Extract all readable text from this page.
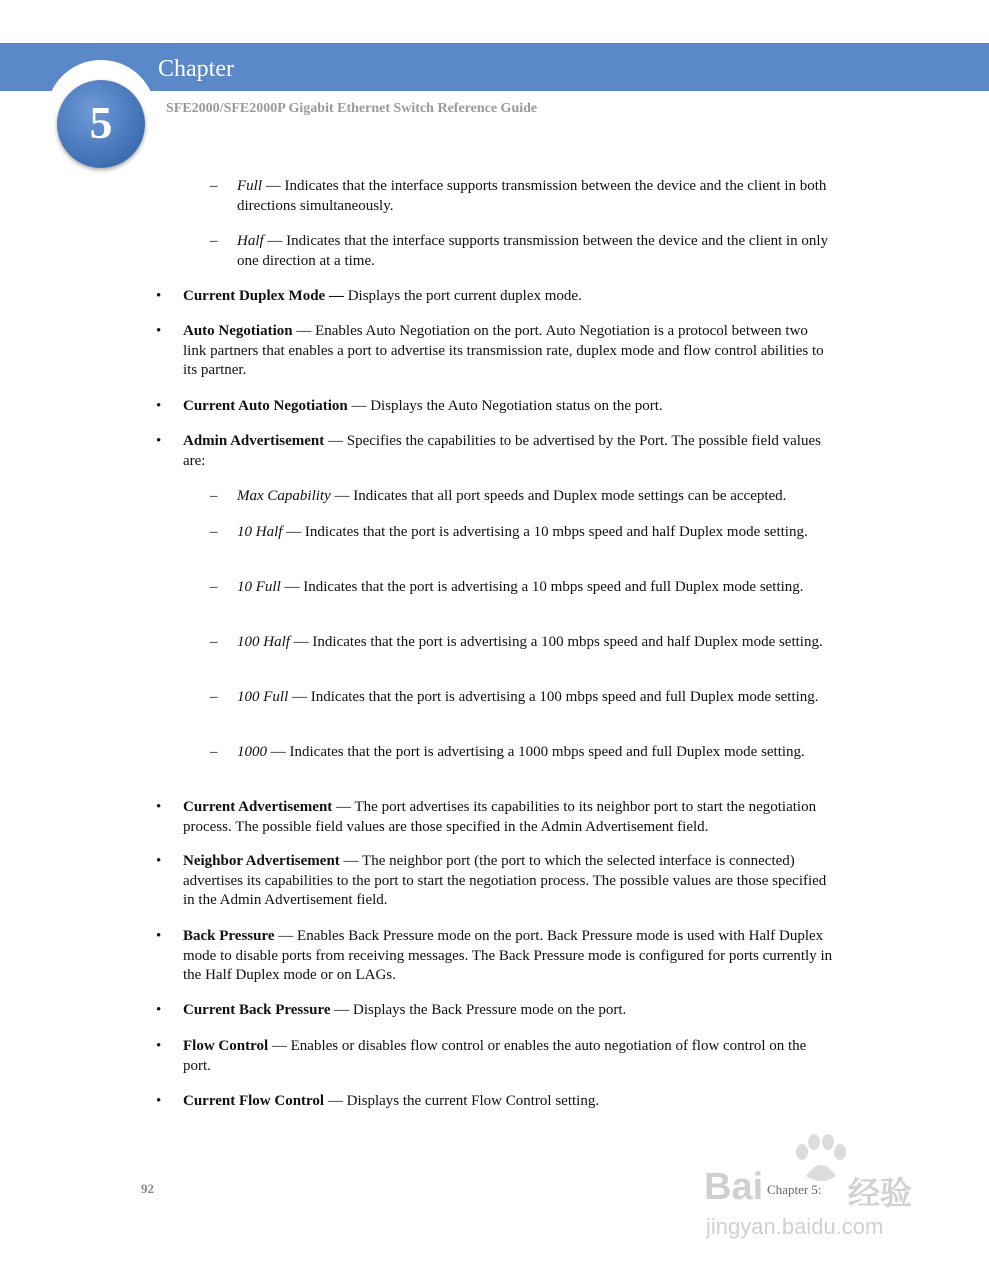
5
Chapter
SFE2000/SFE2000P Gigabit Ethernet Switch Reference Guide
– Full — Indicates that the interface supports transmission between the device and the client in both directions simultaneously.
– Half — Indicates that the interface supports transmission between the device and the client in only one direction at a time.
• Current Duplex Mode — Displays the port current duplex mode.
• Auto Negotiation — Enables Auto Negotiation on the port. Auto Negotiation is a protocol between two link partners that enables a port to advertise its transmission rate, duplex mode and flow control abilities to its partner.
• Current Auto Negotiation — Displays the Auto Negotiation status on the port.
• Admin Advertisement — Specifies the capabilities to be advertised by the Port. The possible field values are:
– Max Capability — Indicates that all port speeds and Duplex mode settings can be accepted.
– 10 Half — Indicates that the port is advertising a 10 mbps speed and half Duplex mode setting.
– 10 Full — Indicates that the port is advertising a 10 mbps speed and full Duplex mode setting.
– 100 Half — Indicates that the port is advertising a 100 mbps speed and half Duplex mode setting.
– 100 Full — Indicates that the port is advertising a 100 mbps speed and full Duplex mode setting.
– 1000 — Indicates that the port is advertising a 1000 mbps speed and full Duplex mode setting.
• Current Advertisement — The port advertises its capabilities to its neighbor port to start the negotiation process. The possible field values are those specified in the Admin Advertisement field.
• Neighbor Advertisement — The neighbor port (the port to which the selected interface is connected) advertises its capabilities to the port to start the negotiation process. The possible values are those specified in the Admin Advertisement field.
• Back Pressure — Enables Back Pressure mode on the port. Back Pressure mode is used with Half Duplex mode to disable ports from receiving messages. The Back Pressure mode is configured for ports currently in the Half Duplex mode or on LAGs.
• Current Back Pressure — Displays the Back Pressure mode on the port.
• Flow Control — Enables or disables flow control or enables the auto negotiation of flow control on the port.
• Current Flow Control — Displays the current Flow Control setting.
92	Chapter 5:
Bai	经验
jingyan.baidu.com
